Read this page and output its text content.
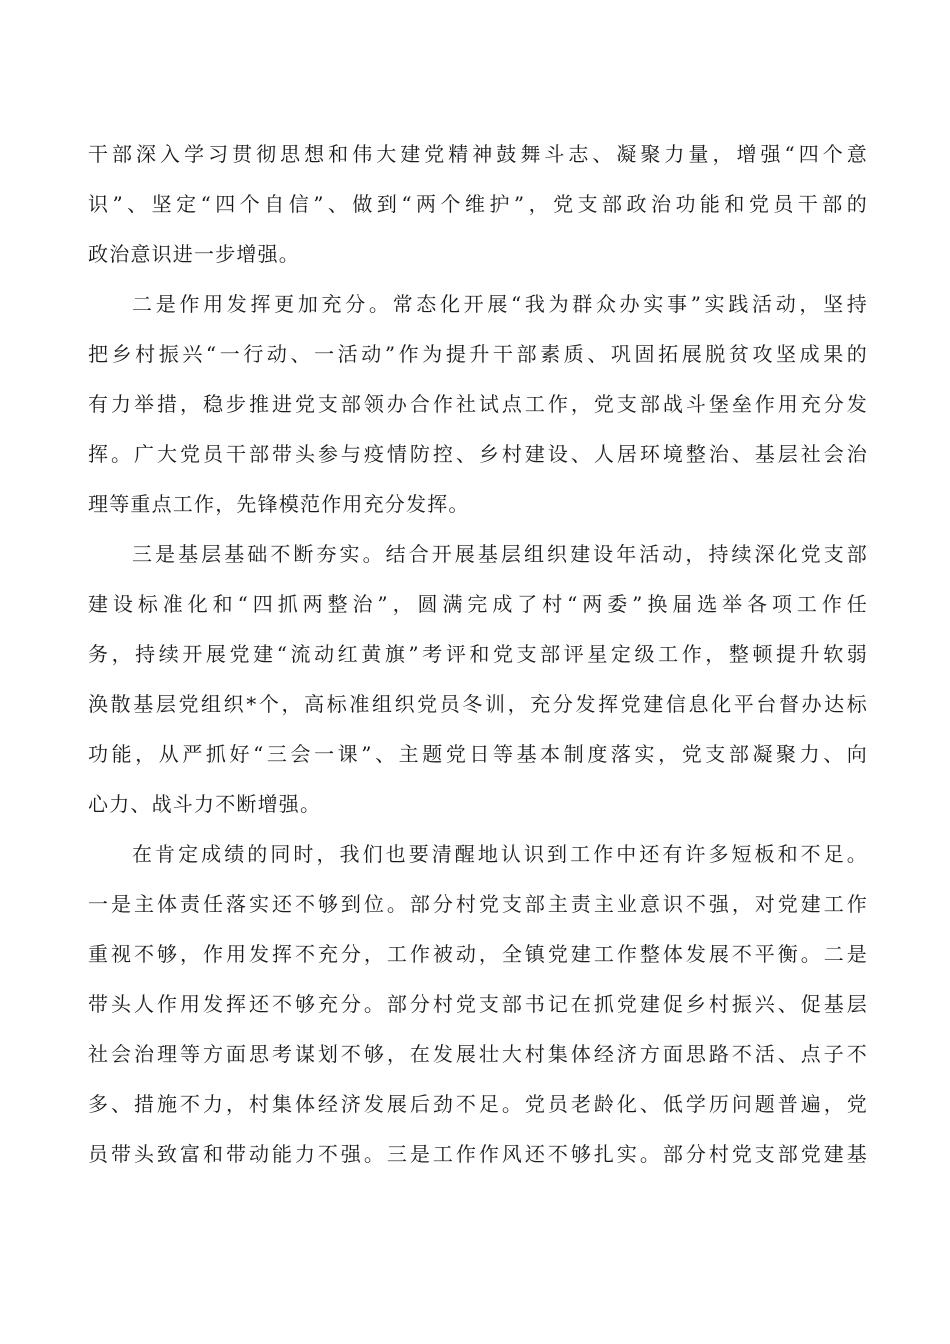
干部深入学习贯彻思想和伟大建党精神鼓舞斗志、凝聚力量，增强“四个意
识”、坚定“四个自信”、做到“两个维护”，党支部政治功能和党员干部的
政治意识进一步增强。
二是作用发挥更加充分。常态化开展“我为群众办实事”实践活动，坚持
把乡村振兴“一行动、一活动”作为提升干部素质、巩固拓展脱贫攻坚成果的
有力举措，稳步推进党支部领办合作社试点工作，党支部战斗堡垒作用充分发
挥。广大党员干部带头参与疫情防控、乡村建设、人居环境整治、基层社会治
理等重点工作，先锋模范作用充分发挥。
三是基层基础不断夯实。结合开展基层组织建设年活动，持续深化党支部
建设标准化和“四抓两整治”，圆满完成了村“两委”换届选举各项工作任
务，持续开展党建“流动红黄旗”考评和党支部评星定级工作，整顿提升软弱
涣散基层党组织*个，高标准组织党员冬训，充分发挥党建信息化平台督办达标
功能，从严抓好“三会一课”、主题党日等基本制度落实，党支部凝聚力、向
心力、战斗力不断增强。
在肯定成绩的同时，我们也要清醒地认识到工作中还有许多短板和不足。
一是主体责任落实还不够到位。部分村党支部主责主业意识不强，对党建工作
重视不够，作用发挥不充分，工作被动，全镇党建工作整体发展不平衡。二是
带头人作用发挥还不够充分。部分村党支部书记在抓党建促乡村振兴、促基层
社会治理等方面思考谋划不够，在发展壮大村集体经济方面思路不活、点子不
多、措施不力，村集体经济发展后劲不足。党员老龄化、低学历问题普遍，党
员带头致富和带动能力不强。三是工作作风还不够扎实。部分村党支部党建基
